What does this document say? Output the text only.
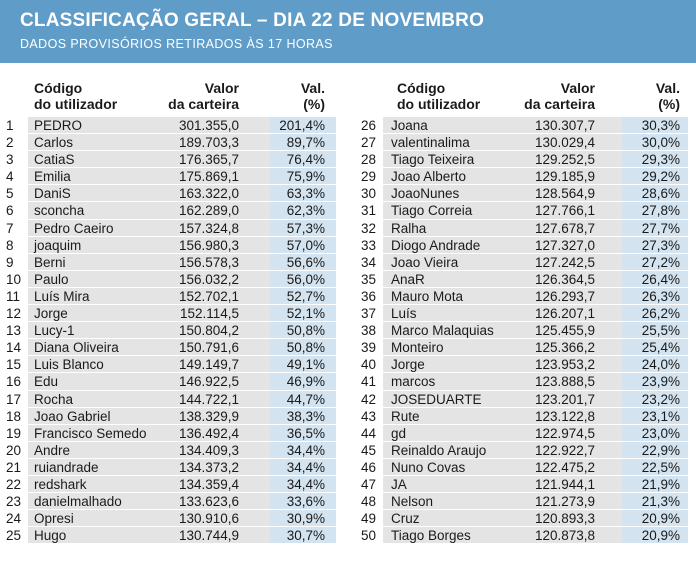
CLASSIFICAÇÃO GERAL – DIA 22 DE NOVEMBRO
DADOS PROVISÓRIOS RETIRADOS ÀS 17 HORAS
Código
do utilizador
Valor
da carteira
Val.
(%)
1 PEDRO	301.355,0	201,4%
2 Carlos	189.703,3	89,7%
3 CatiaS	176.365,7	76,4%
4 Emilia	175.869,1	75,9%
5 DaniS	163.322,0	63,3%
6 sconcha	162.289,0	62,3%
7 Pedro Caeiro	157.324,8	57,3%
8 joaquim	156.980,3	57,0%
9 Berni	156.578,3	56,6%
10 Paulo	156.032,2	56,0%
11 Luís Mira	152.702,1	52,7%
12 Jorge	152.114,5	52,1%
13 Lucy-1	150.804,2	50,8%
14 Diana Oliveira	150.791,6	50,8%
15 Luis Blanco	149.149,7	49,1%
16 Edu	146.922,5	46,9%
17 Rocha	144.722,1	44,7%
18 Joao Gabriel	138.329,9	38,3%
19 Francisco Semedo 136.492,4	36,5%
20 Andre	134.409,3	34,4%
21 ruiandrade	134.373,2	34,4%
22 redshark	134.359,4	34,4%
23 danielmalhado	133.623,6	33,6%
24 Opresi	130.910,6	30,9%
25 Hugo	130.744,9	30,7%
Código
do utilizador
Valor
da carteira
Val.
(%)
26 Joana	130.307,7	30,3%
27 valentinalima	130.029,4	30,0%
28 Tiago Teixeira	129.252,5	29,3%
29 Joao Alberto	129.185,9	29,2%
30 JoaoNunes	128.564,9	28,6%
31 Tiago Correia	127.766,1	27,8%
32 Ralha	127.678,7	27,7%
33 Diogo Andrade	127.327,0	27,3%
34 Joao Vieira	127.242,5	27,2%
35 AnaR	126.364,5	26,4%
36 Mauro Mota	126.293,7	26,3%
37 Luís	126.207,1	26,2%
38 Marco Malaquias	125.455,9	25,5%
39 Monteiro	125.366,2	25,4%
40 Jorge	123.953,2	24,0%
41 marcos	123.888,5	23,9%
42 JOSEDUARTE	123.201,7	23,2%
43 Rute	123.122,8	23,1%
44 gd	122.974,5	23,0%
45 Reinaldo Araujo	122.922,7	22,9%
46 Nuno Covas	122.475,2	22,5%
47 JA	121.944,1	21,9%
48 Nelson	121.273,9	21,3%
49 Cruz	120.893,3	20,9%
50 Tiago Borges	120.873,8	20,9%
